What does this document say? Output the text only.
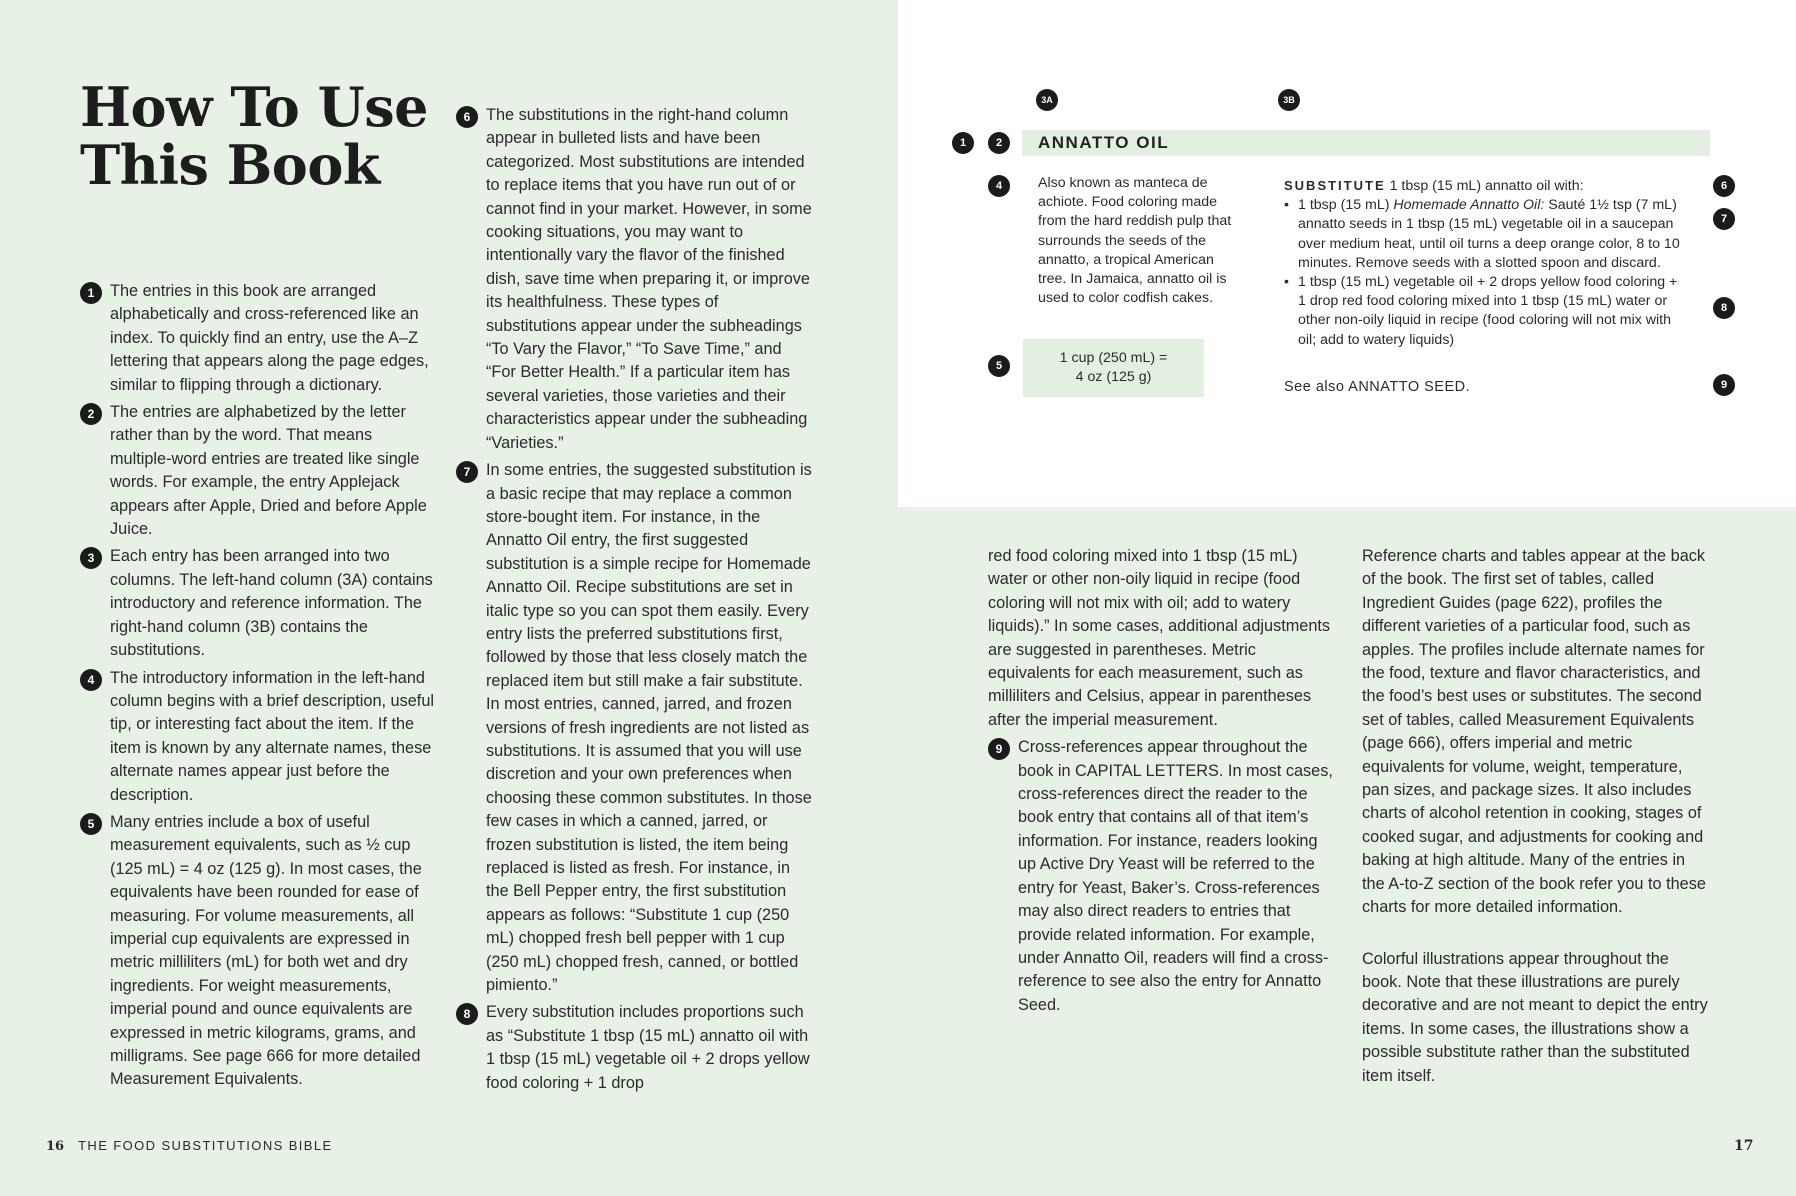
How To Use
This Book
1 The entries in this book are arranged alphabetically and cross-referenced like an index. To quickly find an entry, use the A–Z lettering that appears along the page edges, similar to flipping through a dictionary.

2 The entries are alphabetized by the letter rather than by the word. That means multiple-word entries are treated like single words. For example, the entry Applejack appears after Apple, Dried and before Apple Juice.

3 Each entry has been arranged into two columns. The left-hand column (3A) contains introductory and reference information. The right-hand column (3B) contains the substitutions.

4 The introductory information in the left-hand column begins with a brief description, useful tip, or interesting fact about the item. If the item is known by any alternate names, these alternate names appear just before the description.

5 Many entries include a box of useful measurement equivalents, such as ½ cup (125 mL) = 4 oz (125 g). In most cases, the equivalents have been rounded for ease of measuring. For volume measurements, all imperial cup equivalents are expressed in metric milliliters (mL) for both wet and dry ingredients. For weight measurements, imperial pound and ounce equivalents are expressed in metric kilograms, grams, and milligrams. See page 666 for more detailed Measurement Equivalents.

6 The substitutions in the right-hand column appear in bulleted lists and have been categorized. Most substitutions are intended to replace items that you have run out of or cannot find in your market. However, in some cooking situations, you may want to intentionally vary the flavor of the finished dish, save time when preparing it, or improve its healthfulness. These types of substitutions appear under the subheadings “To Vary the Flavor,” “To Save Time,” and “For Better Health.” If a particular item has several varieties, those varieties and their characteristics appear under the subheading “Varieties.”

7 In some entries, the suggested substitution is a basic recipe that may replace a common store-bought item. For instance, in the Annatto Oil entry, the first suggested substitution is a simple recipe for Homemade Annatto Oil. Recipe substitutions are set in italic type so you can spot them easily. Every entry lists the preferred substitutions first, followed by those that less closely match the replaced item but still make a fair substitute. In most entries, canned, jarred, and frozen versions of fresh ingredients are not listed as substitutions. It is assumed that you will use discretion and your own preferences when choosing these common substitutes. In those few cases in which a canned, jarred, or frozen substitution is listed, the item being replaced is listed as fresh. For instance, in the Bell Pepper entry, the first substitution appears as follows: “Substitute 1 cup (250 mL) chopped fresh bell pepper with 1 cup (250 mL) chopped fresh, canned, or bottled pimiento.”

8 Every substitution includes proportions such as “Substitute 1 tbsp (15 mL) annatto oil with 1 tbsp (15 mL) vegetable oil + 2 drops yellow food coloring + 1 drop

3A	3B
1	2
4
5
6
7
8
9
ANNATTO OIL
Also known as manteca de achiote. Food coloring made from the hard reddish pulp that surrounds the seeds of the annatto, a tropical American tree. In Jamaica, annatto oil is used to color codfish cakes.
1 cup (250 mL) =
4 oz (125 g)
SUBSTITUTE 1 tbsp (15 mL) annatto oil with:
• 1 tbsp (15 mL) Homemade Annatto Oil: Sauté 1½ tsp (7 mL) annatto seeds in 1 tbsp (15 mL) vegetable oil in a saucepan over medium heat, until oil turns a deep orange color, 8 to 10 minutes. Remove seeds with a slotted spoon and discard.
• 1 tbsp (15 mL) vegetable oil + 2 drops yellow food coloring + 1 drop red food coloring mixed into 1 tbsp (15 mL) water or other non-oily liquid in recipe (food coloring will not mix with oil; add to watery liquids)
See also ANNATTO SEED.

red food coloring mixed into 1 tbsp (15 mL) water or other non-oily liquid in recipe (food coloring will not mix with oil; add to watery liquids).” In some cases, additional adjustments are suggested in parentheses. Metric equivalents for each measurement, such as milliliters and Celsius, appear in parentheses after the imperial measurement.

9 Cross-references appear throughout the book in CAPITAL LETTERS. In most cases, cross-references direct the reader to the book entry that contains all of that item’s information. For instance, readers looking up Active Dry Yeast will be referred to the entry for Yeast, Baker’s. Cross-references may also direct readers to entries that provide related information. For example, under Annatto Oil, readers will find a cross-reference to see also the entry for Annatto Seed.

Reference charts and tables appear at the back of the book. The first set of tables, called Ingredient Guides (page 622), profiles the different varieties of a particular food, such as apples. The profiles include alternate names for the food, texture and flavor characteristics, and the food’s best uses or substitutes. The second set of tables, called Measurement Equivalents (page 666), offers imperial and metric equivalents for volume, weight, temperature, pan sizes, and package sizes. It also includes charts of alcohol retention in cooking, stages of cooked sugar, and adjustments for cooking and baking at high altitude. Many of the entries in the A-to-Z section of the book refer you to these charts for more detailed information.

Colorful illustrations appear throughout the book. Note that these illustrations are purely decorative and are not meant to depict the entry items. In some cases, the illustrations show a possible substitute rather than the substituted item itself.

16 THE FOOD SUBSTITUTIONS BIBLE	17
